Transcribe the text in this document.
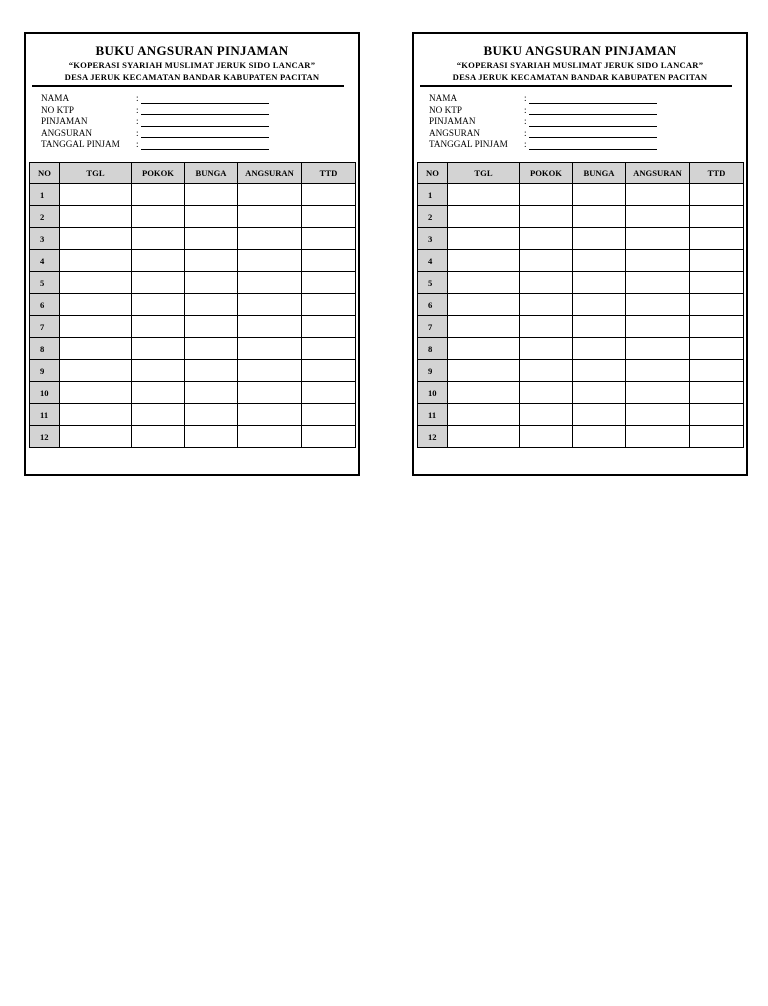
BUKU ANGSURAN PINJAMAN
“KOPERASI SYARIAH MUSLIMAT JERUK SIDO LANCAR”
DESA JERUK KECAMATAN BANDAR KABUPATEN PACITAN
NAMA	:
NO KTP	:
PINJAMAN	:
ANGSURAN	:
TANGGAL PINJAM :
NO	TGL	POKOK	BUNGA	ANGSURAN	TTD
1					
2					
3					
4					
5					
6					
7					
8					
9					
10					
11					
12					
BUKU ANGSURAN PINJAMAN
“KOPERASI SYARIAH MUSLIMAT JERUK SIDO LANCAR”
DESA JERUK KECAMATAN BANDAR KABUPATEN PACITAN
NAMA	:
NO KTP	:
PINJAMAN	:
ANGSURAN	:
TANGGAL PINJAM :
NO	TGL	POKOK	BUNGA	ANGSURAN	TTD
1					
2					
3					
4					
5					
6					
7					
8					
9					
10					
11					
12					
